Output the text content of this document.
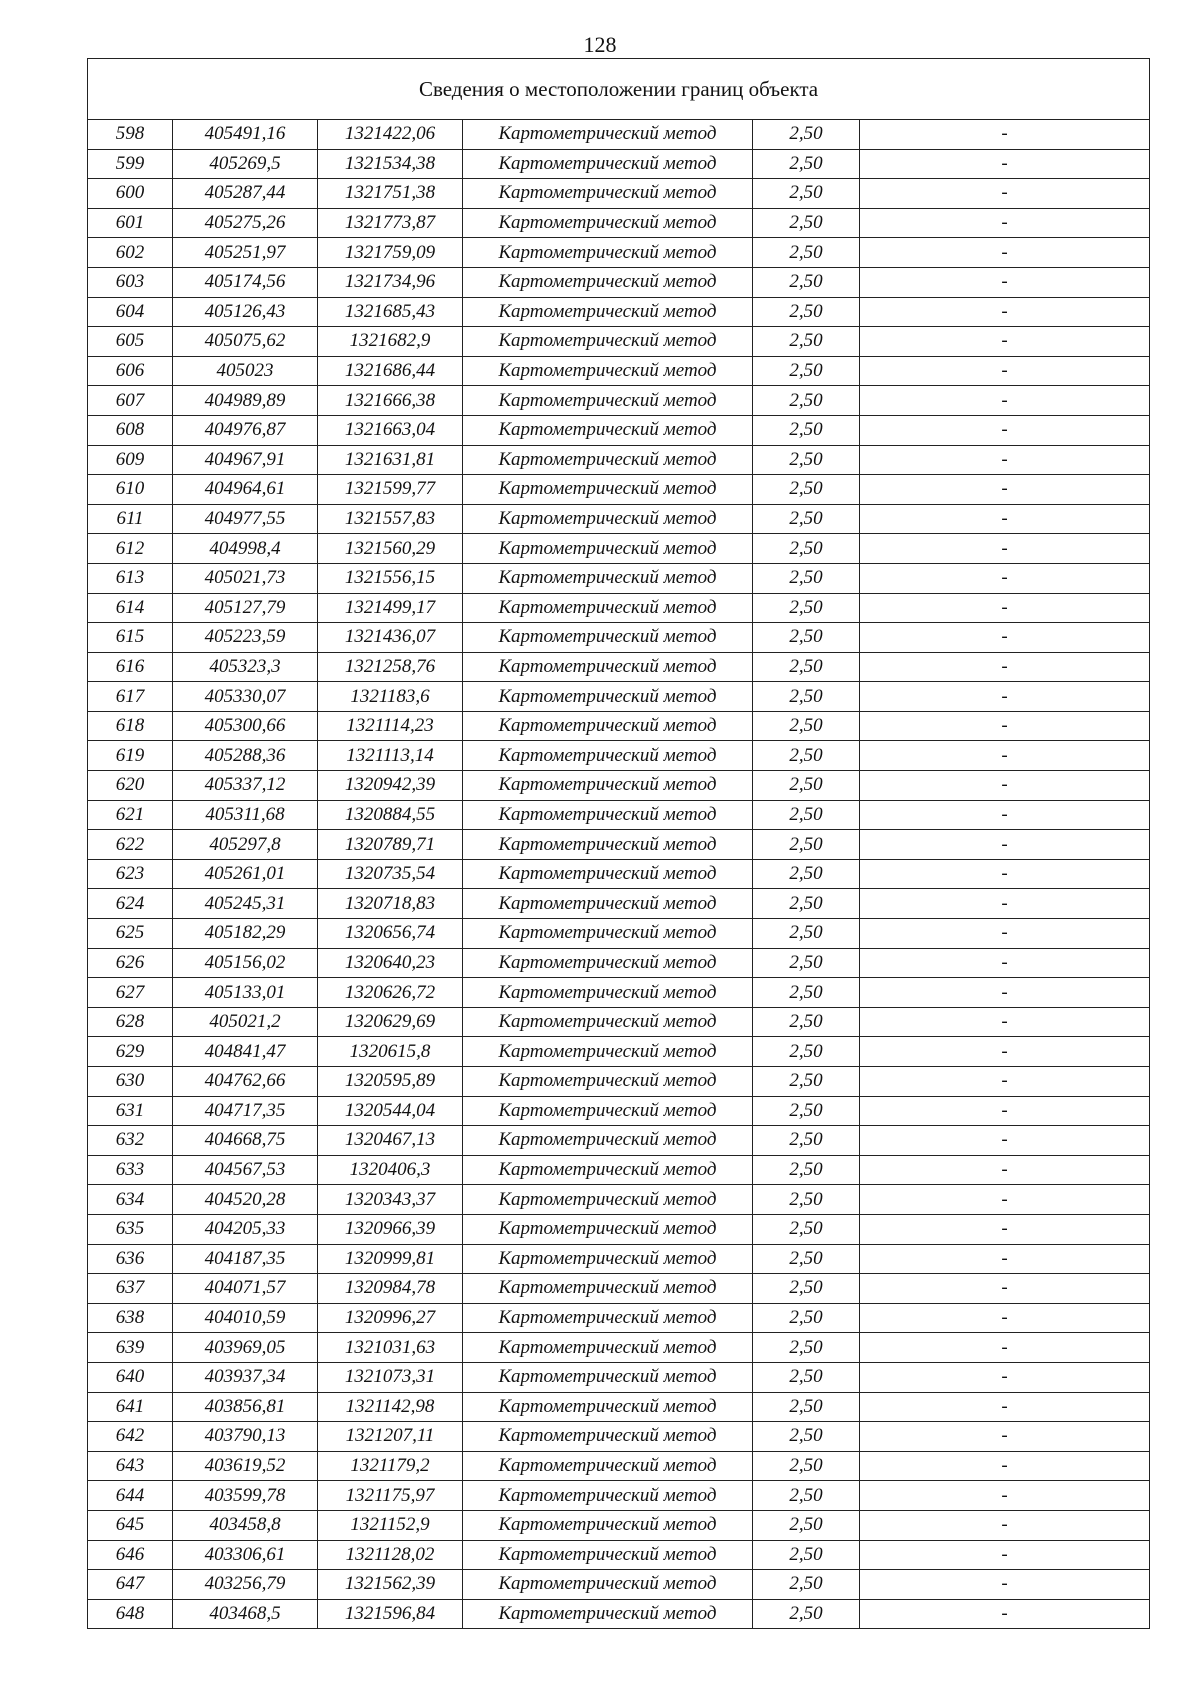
128
Сведения о местоположении границ объекта					
598	405491,16	1321422,06	Картометрический метод	2,50	-
599	405269,5	1321534,38	Картометрический метод	2,50	-
600	405287,44	1321751,38	Картометрический метод	2,50	-
601	405275,26	1321773,87	Картометрический метод	2,50	-
602	405251,97	1321759,09	Картометрический метод	2,50	-
603	405174,56	1321734,96	Картометрический метод	2,50	-
604	405126,43	1321685,43	Картометрический метод	2,50	-
605	405075,62	1321682,9	Картометрический метод	2,50	-
606	405023	1321686,44	Картометрический метод	2,50	-
607	404989,89	1321666,38	Картометрический метод	2,50	-
608	404976,87	1321663,04	Картометрический метод	2,50	-
609	404967,91	1321631,81	Картометрический метод	2,50	-
610	404964,61	1321599,77	Картометрический метод	2,50	-
611	404977,55	1321557,83	Картометрический метод	2,50	-
612	404998,4	1321560,29	Картометрический метод	2,50	-
613	405021,73	1321556,15	Картометрический метод	2,50	-
614	405127,79	1321499,17	Картометрический метод	2,50	-
615	405223,59	1321436,07	Картометрический метод	2,50	-
616	405323,3	1321258,76	Картометрический метод	2,50	-
617	405330,07	1321183,6	Картометрический метод	2,50	-
618	405300,66	1321114,23	Картометрический метод	2,50	-
619	405288,36	1321113,14	Картометрический метод	2,50	-
620	405337,12	1320942,39	Картометрический метод	2,50	-
621	405311,68	1320884,55	Картометрический метод	2,50	-
622	405297,8	1320789,71	Картометрический метод	2,50	-
623	405261,01	1320735,54	Картометрический метод	2,50	-
624	405245,31	1320718,83	Картометрический метод	2,50	-
625	405182,29	1320656,74	Картометрический метод	2,50	-
626	405156,02	1320640,23	Картометрический метод	2,50	-
627	405133,01	1320626,72	Картометрический метод	2,50	-
628	405021,2	1320629,69	Картометрический метод	2,50	-
629	404841,47	1320615,8	Картометрический метод	2,50	-
630	404762,66	1320595,89	Картометрический метод	2,50	-
631	404717,35	1320544,04	Картометрический метод	2,50	-
632	404668,75	1320467,13	Картометрический метод	2,50	-
633	404567,53	1320406,3	Картометрический метод	2,50	-
634	404520,28	1320343,37	Картометрический метод	2,50	-
635	404205,33	1320966,39	Картометрический метод	2,50	-
636	404187,35	1320999,81	Картометрический метод	2,50	-
637	404071,57	1320984,78	Картометрический метод	2,50	-
638	404010,59	1320996,27	Картометрический метод	2,50	-
639	403969,05	1321031,63	Картометрический метод	2,50	-
640	403937,34	1321073,31	Картометрический метод	2,50	-
641	403856,81	1321142,98	Картометрический метод	2,50	-
642	403790,13	1321207,11	Картометрический метод	2,50	-
643	403619,52	1321179,2	Картометрический метод	2,50	-
644	403599,78	1321175,97	Картометрический метод	2,50	-
645	403458,8	1321152,9	Картометрический метод	2,50	-
646	403306,61	1321128,02	Картометрический метод	2,50	-
647	403256,79	1321562,39	Картометрический метод	2,50	-
648	403468,5	1321596,84	Картометрический метод	2,50	-
